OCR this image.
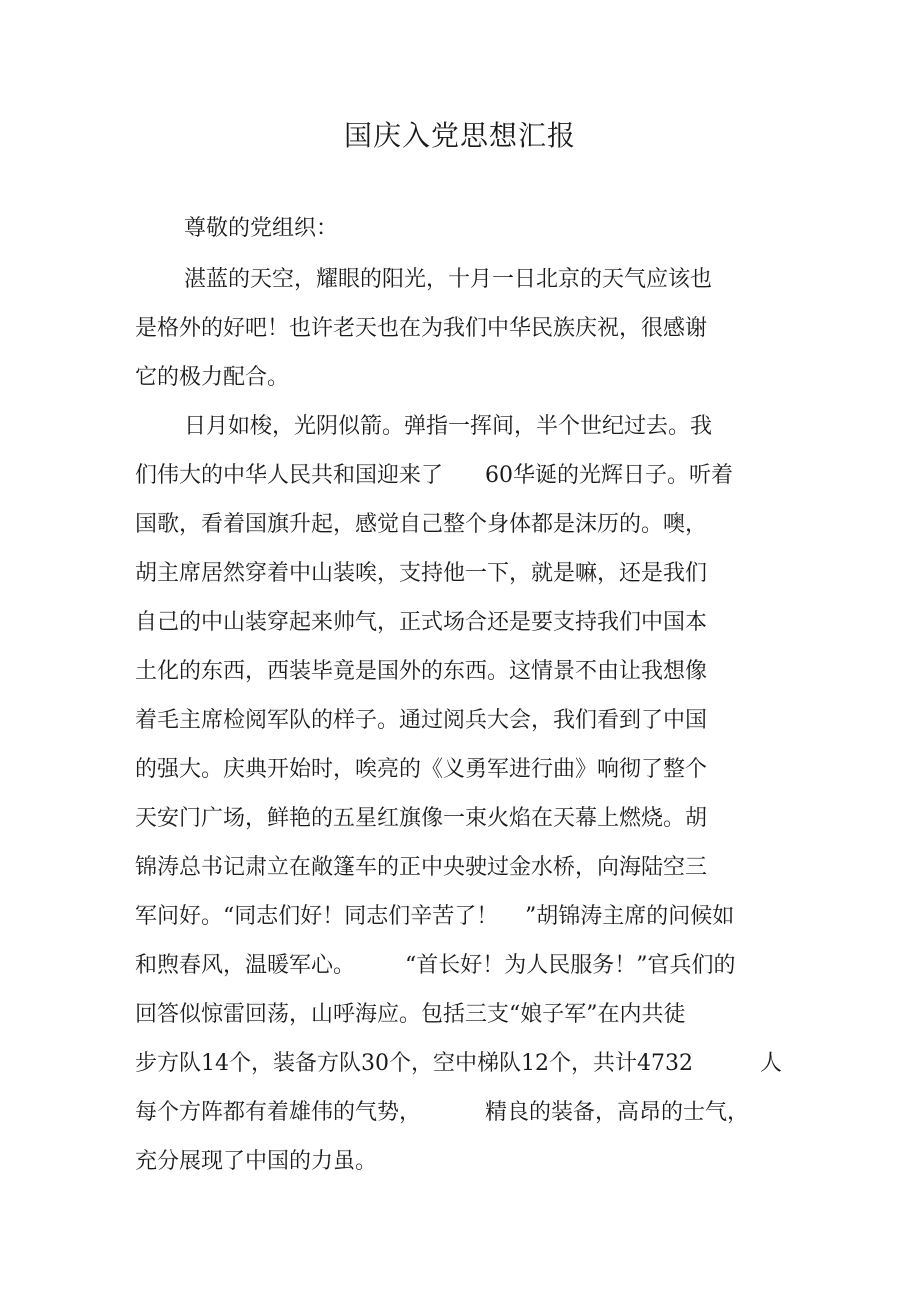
国庆入党思想汇报
尊敬的党组织：
湛蓝的天空，耀眼的阳光，十月一日北京的天气应该也
是格外的好吧！也许老天也在为我们中华民族庆祝，很感谢
它的极力配合。
日月如梭，光阴似箭。弹指一挥间，半个世纪过去。我
们伟大的中华人民共和国迎来了 60华诞的光辉日子。听着
国歌，看着国旗升起，感觉自己整个身体都是沫历的。噢，
胡主席居然穿着中山装唉，支持他一下，就是嘛，还是我们
自己的中山装穿起来帅气，正式场合还是要支持我们中国本
土化的东西，西装毕竟是国外的东西。这情景不由让我想像
着毛主席检阅军队的样子。通过阅兵大会，我们看到了中国
的强大。庆典开始时，唉亮的《义勇军进行曲》响彻了整个
天安门广场，鲜艳的五星红旗像一束火焰在天幕上燃烧。胡
锦涛总书记肃立在敞篷车的正中央驶过金水桥，向海陆空三
军问好。“同志们好！同志们辛苦了！ ”胡锦涛主席的问候如
和煦春风，温暖军心。 “首长好！为人民服务！”官兵们的
回答似惊雷回荡，山呼海应。包括三支“娘子军”在内共徒
步方队14个，装备方队30个，空中梯队12个，共计4732	人
每个方阵都有着雄伟的气势，	精良的装备，高昂的士气，
充分展现了中国的力虽。
